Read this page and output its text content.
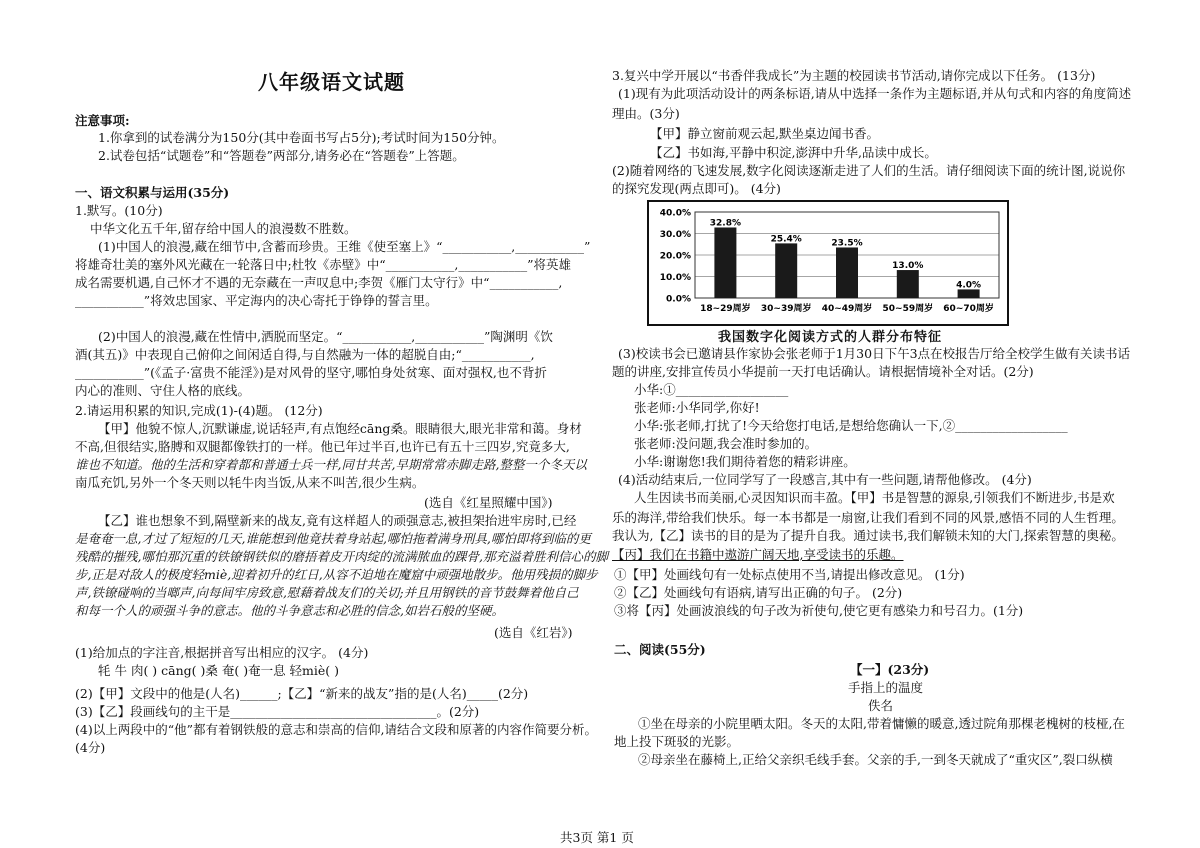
八年级语文试题
注意事项:
1.你拿到的试卷满分为150分(其中卷面书写占5分);考试时间为150分钟。
2.试卷包括“试题卷”和“答题卷”两部分,请务必在“答题卷”上答题。
一、语文积累与运用(35分)
1.默写。(10分)
中华文化五千年,留存给中国人的浪漫数不胜数。
(1)中国人的浪漫,藏在细节中,含蓄而珍贵。王维《使至塞上》“___________,___________”
将雄奇壮美的塞外风光藏在一轮落日中;杜牧《赤壁》中“___________,___________”将英雄
成名需要机遇,自己怀才不遇的无奈藏在一声叹息中;李贺《雁门太守行》中“___________,
___________”将效忠国家、平定海内的决心寄托于铮铮的誓言里。
(2)中国人的浪漫,藏在性情中,洒脱而坚定。“___________,___________”陶渊明《饮
酒(其五)》中表现自己俯仰之间闲适自得,与自然融为一体的超脱自由;“___________,
___________”(《孟子·富贵不能淫》)是对风骨的坚守,哪怕身处贫寒、面对强权,也不背折
内心的准则、守住人格的底线。
2.请运用积累的知识,完成(1)-(4)题。 (12分)
【甲】他貌不惊人,沉默谦虚,说话轻声,有点饱经cāng桑。眼睛很大,眼光非常和蔼。身材
不高,但很结实,胳膊和双腿都像铁打的一样。他已年过半百,也许已有五十三四岁,究竟多大,
谁也不知道。他的生活和穿着都和普通士兵一样,同甘共苦,早期常常赤脚走路,整整一个冬天以
南瓜充饥,另外一个冬天则以牦牛肉当饭,从来不叫苦,很少生病。
(选自《红星照耀中国》)
【乙】谁也想象不到,隔壁新来的战友,竟有这样超人的顽强意志,被担架抬进牢房时,已经
是奄奄一息,才过了短短的几天,谁能想到他竟扶着身站起,哪怕拖着满身刑具,哪怕即将到临的更
残酷的摧残,哪怕那沉重的铁镣钢铁似的磨捂着皮开肉绽的流满脓血的踝骨,那充溢着胜利信心的脚
步,正是对敌人的极度轻miè,迎着初升的红日,从容不迫地在魔窟中顽强地散步。他用残损的脚步
声,铁镣碰响的当啷声,向每间牢房致意,慰藉着战友们的关切;并且用钢铁的音节鼓舞着他自己
和每一个人的顽强斗争的意志。他的斗争意志和必胜的信念,如岩石般的坚硬。
(选自《红岩》)
(1)给加点的字注音,根据拼音写出相应的汉字。 (4分)
牦 牛 肉( ) cāng( )桑 奄( )奄一息 轻miè( )
(2)【甲】文段中的他是(人名)______;【乙】“新来的战友”指的是(人名)_____(2分)
(3)【乙】段画线句的主干是_________________________________。(2分)
(4)以上两段中的“他”都有着钢铁般的意志和崇高的信仰,请结合文段和原著的内容作简要分析。
(4分)
3.复兴中学开展以“书香伴我成长”为主题的校园读书节活动,请你完成以下任务。 (13分)
(1)现有为此项活动设计的两条标语,请从中选择一条作为主题标语,并从句式和内容的角度简述
理由。(3分)
【甲】静立窗前观云起,默坐桌边闻书香。
【乙】书如海,平静中积淀,澎湃中升华,品读中成长。
(2)随着网络的飞速发展,数字化阅读逐渐走进了人们的生活。请仔细阅读下面的统计图,说说你
的探究发现(两点即可)。 (4分)
40.0%
30.0%
20.0%
10.0%
0.0%
32.8%
25.4%	23.5%
13.0%
4.0%
18~29周岁 30~39周岁 40~49周岁 50~59周岁 60~70周岁
我国数字化阅读方式的人群分布特征
(3)校读书会已邀请县作家协会张老师于1月30日下午3点在校报告厅给全校学生做有关读书话
题的讲座,安排宣传员小华提前一天打电话确认。请根据情境补全对话。(2分)
小华:①__________________
张老师:小华同学,你好!
小华:张老师,打扰了!今天给您打电话,是想给您确认一下,②__________________
张老师:没问题,我会准时参加的。
小华:谢谢您!我们期待着您的精彩讲座。
(4)活动结束后,一位同学写了一段感言,其中有一些问题,请帮他修改。 (4分)
人生因读书而美丽,心灵因知识而丰盈。【甲】书是智慧的源泉,引领我们不断进步,书是欢
乐的海洋,带给我们快乐。每一本书都是一扇窗,让我们看到不同的风景,感悟不同的人生哲理。
我认为,【乙】读书的目的是为了提升自我。通过读书,我们解锁未知的大门,探索智慧的奥秘。
【丙】我们在书籍中遨游广阔天地,享受读书的乐趣。
①【甲】处画线句有一处标点使用不当,请提出修改意见。 (1分)
②【乙】处画线句有语病,请写出正确的句子。 (2分)
③将【丙】处画波浪线的句子改为祈使句,使它更有感染力和号召力。(1分)
二、阅读(55分)
【一】(23分)
手指上的温度
佚名
①坐在母亲的小院里晒太阳。冬天的太阳,带着慵懒的暖意,透过院角那棵老槐树的枝桠,在
地上投下斑驳的光影。
②母亲坐在藤椅上,正给父亲织毛线手套。父亲的手,一到冬天就成了“重灾区”,裂口纵横
共3页 第1 页
